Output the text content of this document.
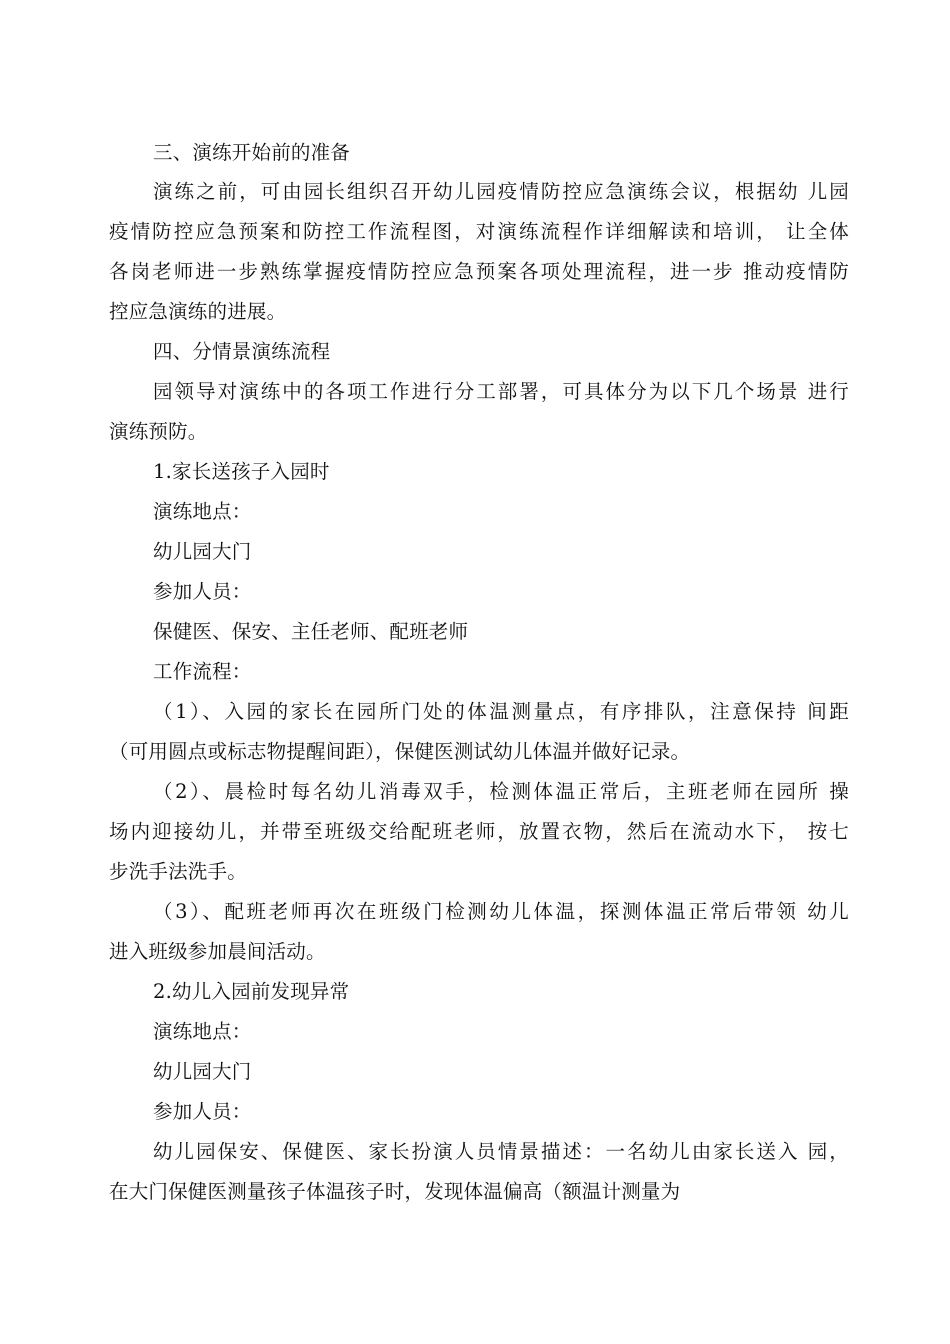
三、演练开始前的准备
演练之前，可由园长组织召开幼儿园疫情防控应急演练会议，根据幼 儿园
疫情防控应急预案和防控工作流程图，对演练流程作详细解读和培训， 让全体
各岗老师进一步熟练掌握疫情防控应急预案各项处理流程，进一步 推动疫情防
控应急演练的进展。
四、分情景演练流程
园领导对演练中的各项工作进行分工部署，可具体分为以下几个场景 进行
演练预防。
1.家长送孩子入园时
演练地点：
幼儿园大门
参加人员：
保健医、保安、主任老师、配班老师
工作流程：
（1）、入园的家长在园所门处的体温测量点，有序排队，注意保持 间距
（可用圆点或标志物提醒间距），保健医测试幼儿体温并做好记录。
（2）、晨检时每名幼儿消毒双手，检测体温正常后，主班老师在园所 操
场内迎接幼儿，并带至班级交给配班老师，放置衣物，然后在流动水下， 按七
步洗手法洗手。
（3）、配班老师再次在班级门检测幼儿体温，探测体温正常后带领 幼儿
进入班级参加晨间活动。
2.幼儿入园前发现异常
演练地点：
幼儿园大门
参加人员：
幼儿园保安、保健医、家长扮演人员情景描述：一名幼儿由家长送入 园，
在大门保健医测量孩子体温孩子时，发现体温偏高（额温计测量为
